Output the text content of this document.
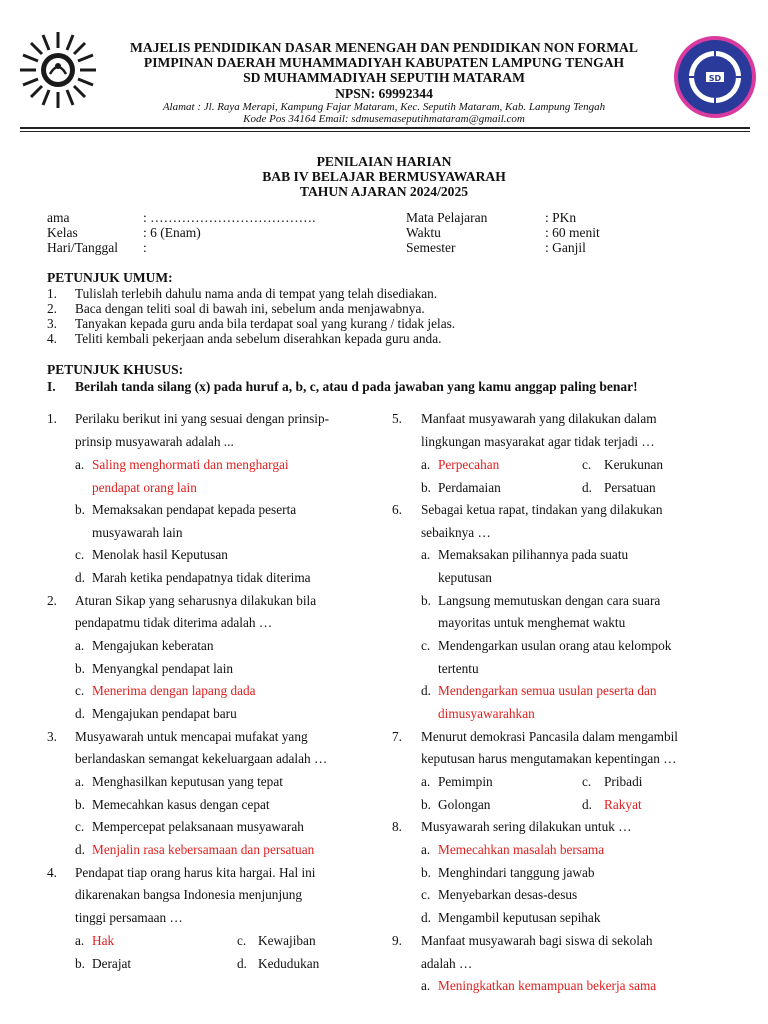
MAJELIS PENDIDIKAN DASAR MENENGAH DAN PENDIDIKAN NON FORMAL
PIMPINAN DAERAH MUHAMMADIYAH KABUPATEN LAMPUNG TENGAH
SD MUHAMMADIYAH SEPUTIH MATARAM
NPSN: 69992344
Alamat : Jl. Raya Merapi, Kampung Fajar Mataram, Kec. Seputih Mataram, Kab. Lampung Tengah
Kode Pos 34164 Email: sdmusemaseputihmataram@gmail.com
SD
PENILAIAN HARIAN
BAB IV BELAJAR BERMUSYAWARAH
TAHUN AJARAN 2024/2025
ama	: ……………………………….
Kelas	: 6 (Enam)
Hari/Tanggal :
Mata Pelajaran	: PKn
Waktu	: 60 menit
Semester	: Ganjil
PETUNJUK UMUM:
1. Tulislah terlebih dahulu nama anda di tempat yang telah disediakan.
2. Baca dengan teliti soal di bawah ini, sebelum anda menjawabnya.
3. Tanyakan kepada guru anda bila terdapat soal yang kurang / tidak jelas.
4. Teliti kembali pekerjaan anda sebelum diserahkan kepada guru anda.
PETUNJUK KHUSUS:
I. Berilah tanda silang (x) pada huruf a, b, c, atau d pada jawaban yang kamu anggap paling benar!
1. Perilaku berikut ini yang sesuai dengan prinsip-
prinsip musyawarah adalah ...
a. Saling menghormati dan menghargai
pendapat orang lain
b. Memaksakan pendapat kepada peserta
musyawarah lain
c. Menolak hasil Keputusan
d. Marah ketika pendapatnya tidak diterima
2. Aturan Sikap yang seharusnya dilakukan bila
pendapatmu tidak diterima adalah …
a. Mengajukan keberatan
b. Menyangkal pendapat lain
c. Menerima dengan lapang dada
d. Mengajukan pendapat baru
3. Musyawarah untuk mencapai mufakat yang
berlandaskan semangat kekeluargaan adalah …
a. Menghasilkan keputusan yang tepat
b. Memecahkan kasus dengan cepat
c. Mempercepat pelaksanaan musyawarah
d. Menjalin rasa kebersamaan dan persatuan
4. Pendapat tiap orang harus kita hargai. Hal ini
dikarenakan bangsa Indonesia menjunjung
tinggi persamaan …
a. Hak	c. Kewajiban
b. Derajat	d. Kedudukan
5. Manfaat musyawarah yang dilakukan dalam
lingkungan masyarakat agar tidak terjadi …
a. Perpecahan	c. Kerukunan
b. Perdamaian	d. Persatuan
6. Sebagai ketua rapat, tindakan yang dilakukan
sebaiknya …
a. Memaksakan pilihannya pada suatu
keputusan
b. Langsung memutuskan dengan cara suara
mayoritas untuk menghemat waktu
c. Mendengarkan usulan orang atau kelompok
tertentu
d. Mendengarkan semua usulan peserta dan
dimusyawarahkan
7. Menurut demokrasi Pancasila dalam mengambil
keputusan harus mengutamakan kepentingan …
a. Pemimpin	c. Pribadi
b. Golongan	d. Rakyat
8. Musyawarah sering dilakukan untuk …
a. Memecahkan masalah bersama
b. Menghindari tanggung jawab
c. Menyebarkan desas-desus
d. Mengambil keputusan sepihak
9. Manfaat musyawarah bagi siswa di sekolah
adalah …
a. Meningkatkan kemampuan bekerja sama
